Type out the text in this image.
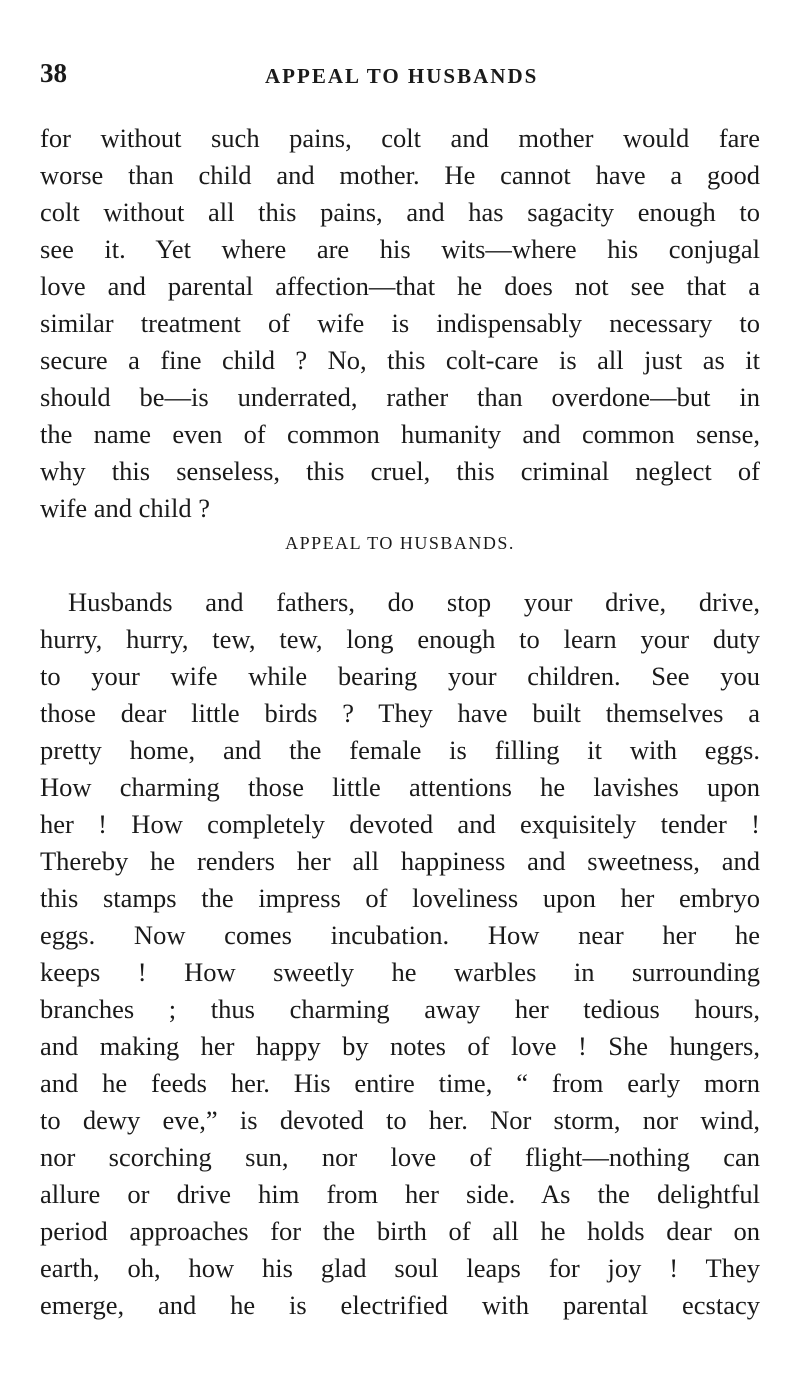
38	APPEAL TO HUSBANDS
for without such pains, colt and mother would fare
worse than child and mother. He cannot have a good
colt without all this pains, and has sagacity enough to
see it. Yet where are his wits—where his conjugal
love and parental affection—that he does not see that a
similar treatment of wife is indispensably necessary to
secure a fine child ? No, this colt-care is all just as it
should be—is underrated, rather than overdone—but in
the name even of common humanity and common sense,
why this senseless, this cruel, this criminal neglect of
wife and child ?
APPEAL TO HUSBANDS.
Husbands and fathers, do stop your drive, drive,
hurry, hurry, tew, tew, long enough to learn your duty
to your wife while bearing your children. See you
those dear little birds ? They have built themselves a
pretty home, and the female is filling it with eggs.
How charming those little attentions he lavishes upon
her ! How completely devoted and exquisitely tender !
Thereby he renders her all happiness and sweetness, and
this stamps the impress of loveliness upon her embryo
eggs. Now comes incubation. How near her he
keeps ! How sweetly he warbles in surrounding
branches ; thus charming away her tedious hours,
and making her happy by notes of love ! She hungers,
and he feeds her. His entire time, “ from early morn
to dewy eve,” is devoted to her. Nor storm, nor wind,
nor scorching sun, nor love of flight—nothing can
allure or drive him from her side. As the delightful
period approaches for the birth of all he holds dear on
earth, oh, how his glad soul leaps for joy ! They
emerge, and he is electrified with parental ecstacy
